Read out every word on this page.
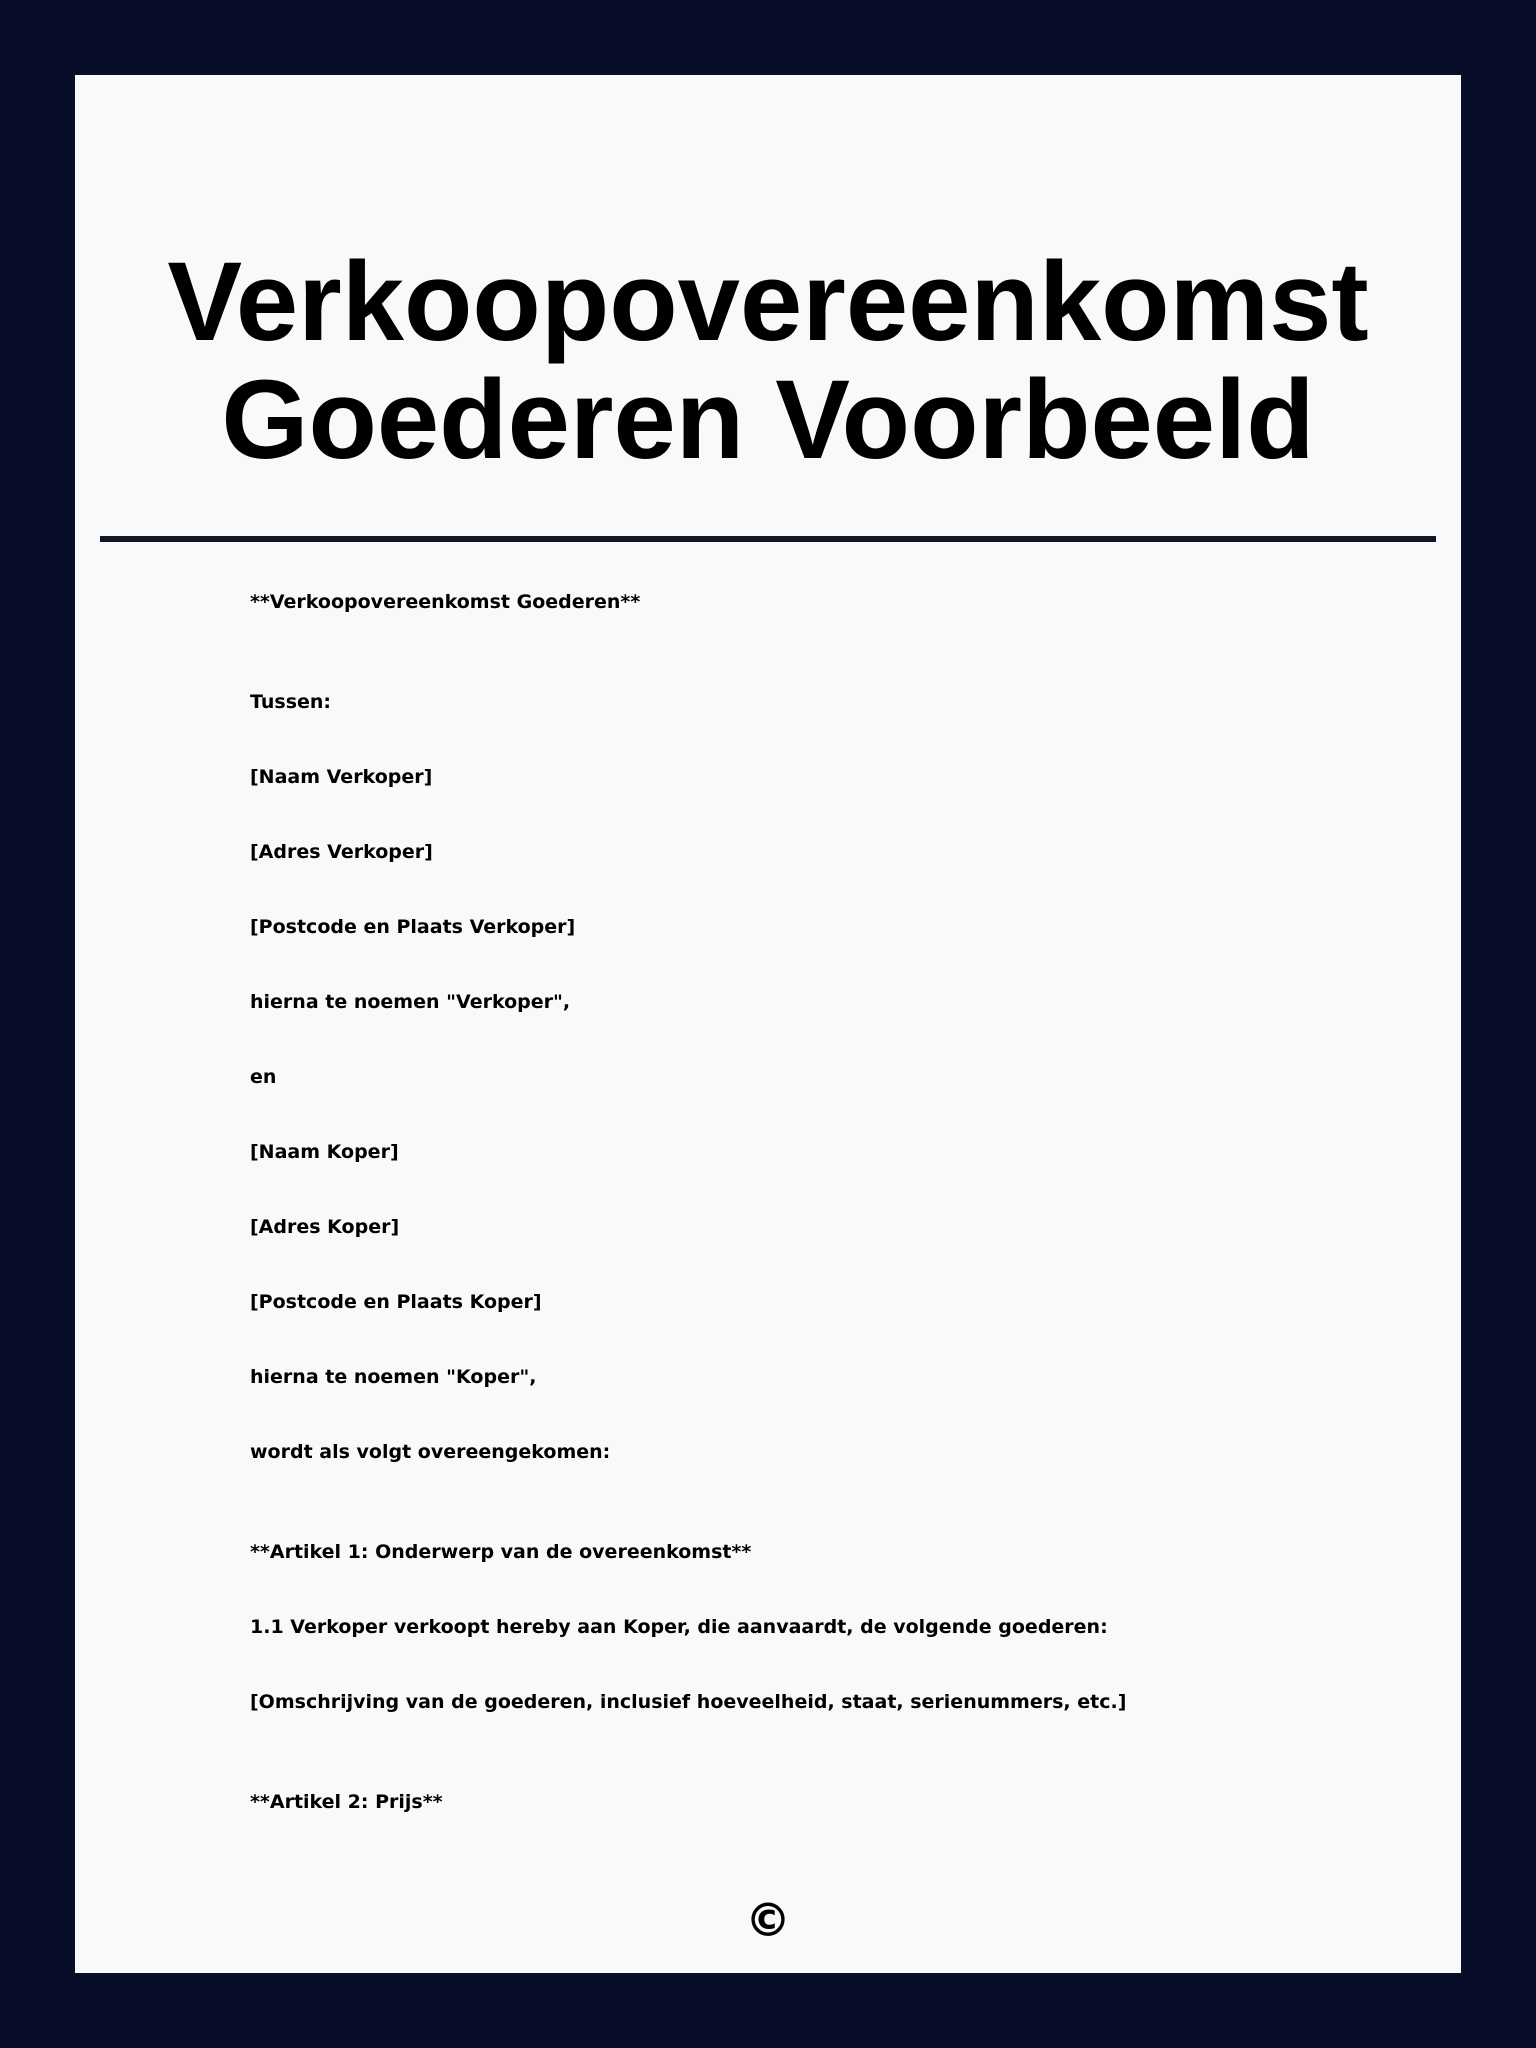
Verkoopovereenkomst
Goederen Voorbeeld
**Verkoopovereenkomst Goederen**
Tussen:
[Naam Verkoper]
[Adres Verkoper]
[Postcode en Plaats Verkoper]
hierna te noemen "Verkoper",
en
[Naam Koper]
[Adres Koper]
[Postcode en Plaats Koper]
hierna te noemen "Koper",
wordt als volgt overeengekomen:
**Artikel 1: Onderwerp van de overeenkomst**
1.1 Verkoper verkoopt hereby aan Koper, die aanvaardt, de volgende goederen:
[Omschrijving van de goederen, inclusief hoeveelheid, staat, serienummers, etc.]
**Artikel 2: Prijs**
©
